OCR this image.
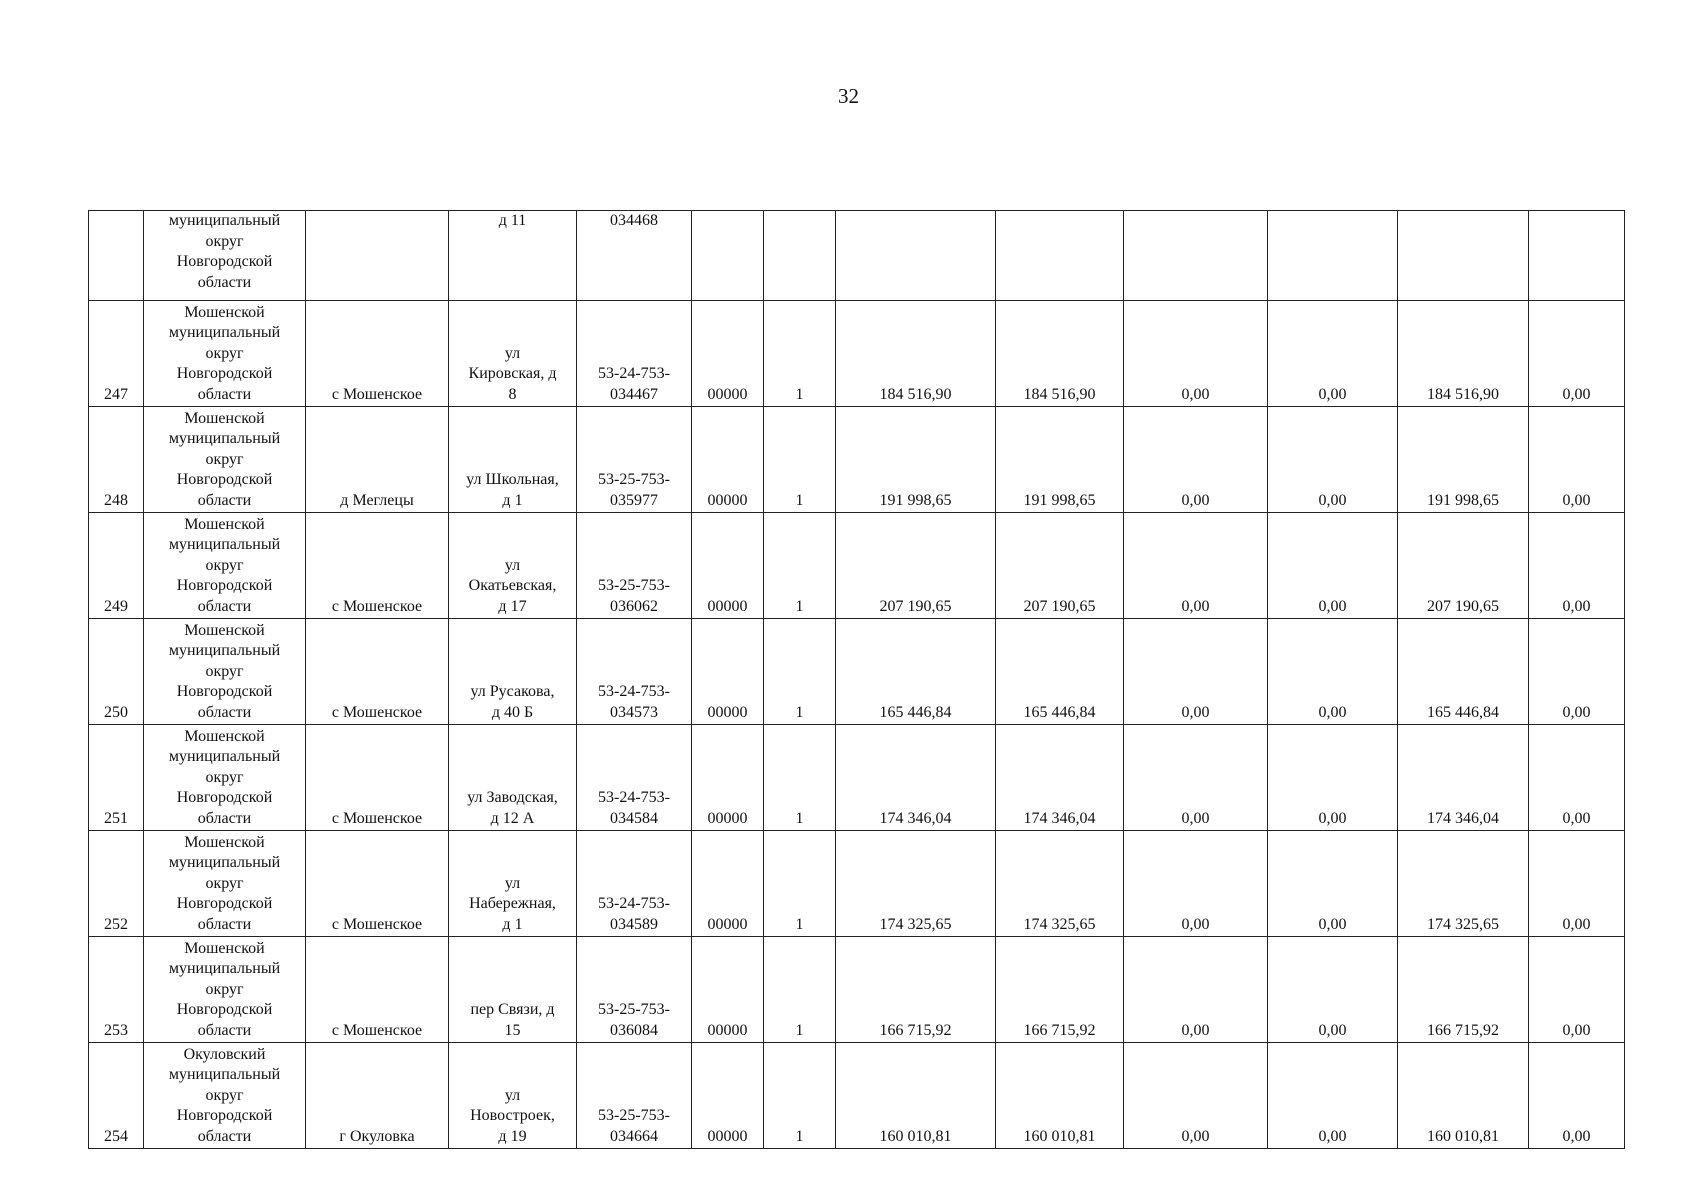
32
	муниципальный
округ
Новгородской
области		д 11	034468								
247	Мошенской
муниципальный
округ
Новгородской
области	с Мошенское	ул
Кировская, д
8	53-24-753-
034467	00000	1	184 516,90	184 516,90	0,00	0,00	184 516,90	0,00
248	Мошенской
муниципальный
округ
Новгородской
области	д Меглецы	ул Школьная,
д 1	53-25-753-
035977	00000	1	191 998,65	191 998,65	0,00	0,00	191 998,65	0,00
249	Мошенской
муниципальный
округ
Новгородской
области	с Мошенское	ул
Окатьевская,
д 17	53-25-753-
036062	00000	1	207 190,65	207 190,65	0,00	0,00	207 190,65	0,00
250	Мошенской
муниципальный
округ
Новгородской
области	с Мошенское	ул Русакова,
д 40 Б	53-24-753-
034573	00000	1	165 446,84	165 446,84	0,00	0,00	165 446,84	0,00
251	Мошенской
муниципальный
округ
Новгородской
области	с Мошенское	ул Заводская,
д 12 А	53-24-753-
034584	00000	1	174 346,04	174 346,04	0,00	0,00	174 346,04	0,00
252	Мошенской
муниципальный
округ
Новгородской
области	с Мошенское	ул
Набережная,
д 1	53-24-753-
034589	00000	1	174 325,65	174 325,65	0,00	0,00	174 325,65	0,00
253	Мошенской
муниципальный
округ
Новгородской
области	с Мошенское	пер Связи, д
15	53-25-753-
036084	00000	1	166 715,92	166 715,92	0,00	0,00	166 715,92	0,00
254	Окуловский
муниципальный
округ
Новгородской
области	г Окуловка	ул
Новостроек,
д 19	53-25-753-
034664	00000	1	160 010,81	160 010,81	0,00	0,00	160 010,81	0,00
